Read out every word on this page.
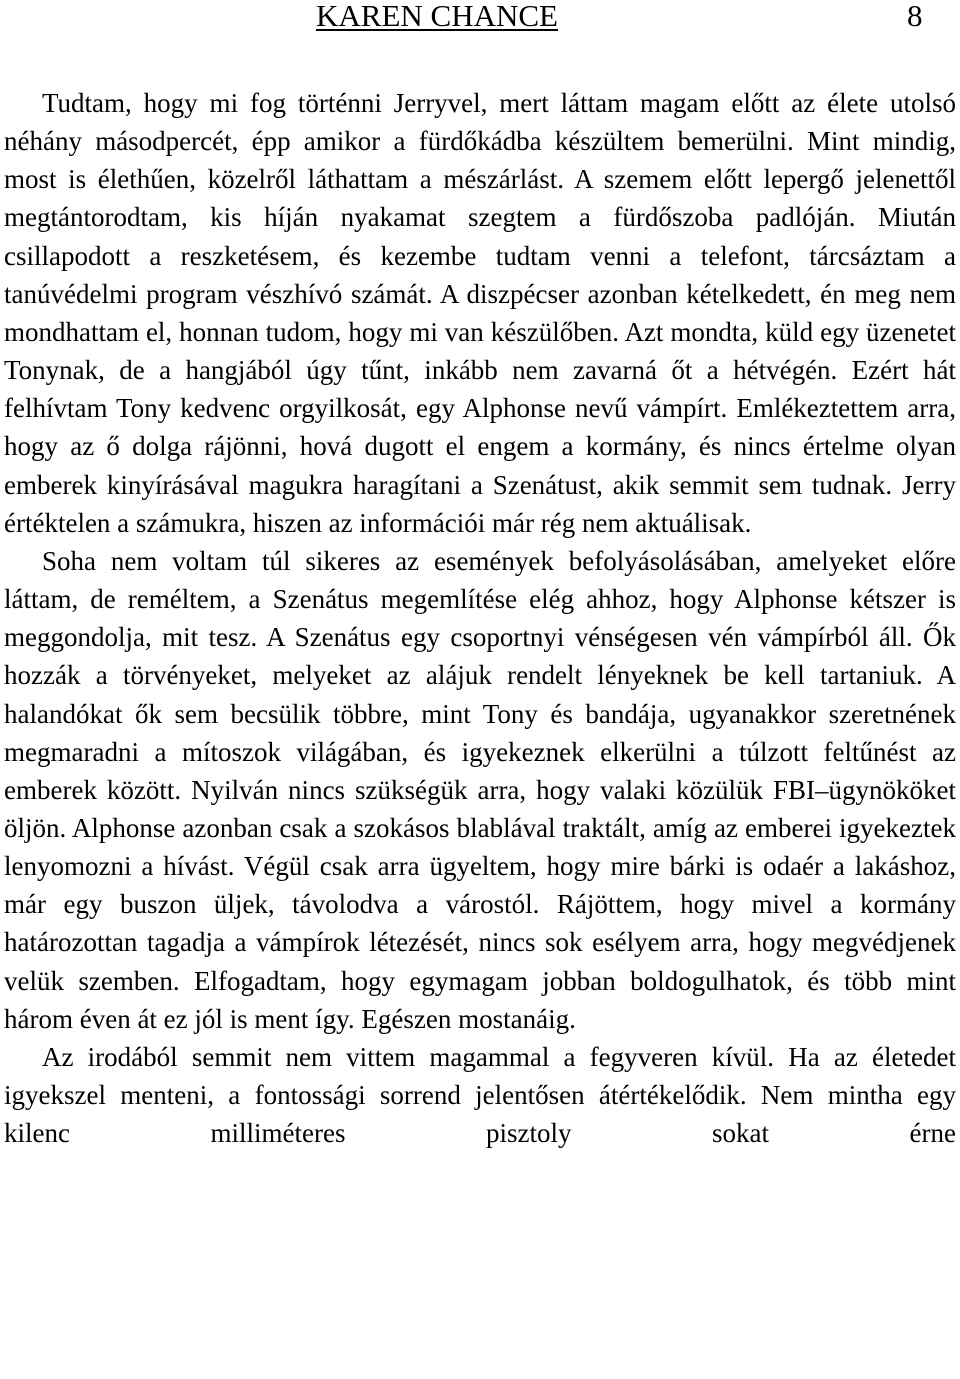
KAREN CHANCE	8

Tudtam, hogy mi fog történni Jerryvel, mert láttam magam előtt az élete utolsó néhány másodpercét, épp amikor a fürdőkádba készültem bemerülni. Mint mindig, most is élethűen, közelről láthattam a mészárlást. A szemem előtt lepergő jelenettől megtántorodtam, kis híján nyakamat szegtem a fürdőszoba padlóján. Miután csillapodott a reszketésem, és kezembe tudtam venni a telefont, tárcsáztam a tanúvédelmi program vészhívó számát. A diszpécser azonban kételkedett, én meg nem mondhattam el, honnan tudom, hogy mi van készülőben. Azt mondta, küld egy üzenetet Tonynak, de a hangjából úgy tűnt, inkább nem zavarná őt a hétvégén. Ezért hát felhívtam Tony kedvenc orgyilkosát, egy Alphonse nevű vámpírt. Emlékeztettem arra, hogy az ő dolga rájönni, hová dugott el engem a kormány, és nincs értelme olyan emberek kinyírásával magukra haragítani a Szenátust, akik semmit sem tudnak. Jerry értéktelen a számukra, hiszen az információi már rég nem aktuálisak.

Soha nem voltam túl sikeres az események befolyásolásában, amelyeket előre láttam, de reméltem, a Szenátus megemlítése elég ahhoz, hogy Alphonse kétszer is meggondolja, mit tesz. A Szenátus egy csoportnyi vénségesen vén vámpírból áll. Ők hozzák a törvényeket, melyeket az alájuk rendelt lényeknek be kell tartaniuk. A halandókat ők sem becsülik többre, mint Tony és bandája, ugyanakkor szeretnének megmaradni a mítoszok világában, és igyekeznek elkerülni a túlzott feltűnést az emberek között. Nyilván nincs szükségük arra, hogy valaki közülük FBI–ügynököket öljön. Alphonse azonban csak a szokásos blablával traktált, amíg az emberei igyekeztek lenyomozni a hívást. Végül csak arra ügyeltem, hogy mire bárki is odaér a lakáshoz, már egy buszon üljek, távolodva a várostól. Rájöttem, hogy mivel a kormány határozottan tagadja a vámpírok létezését, nincs sok esélyem arra, hogy megvédjenek velük szemben. Elfogadtam, hogy egymagam jobban boldogulhatok, és több mint három éven át ez jól is ment így. Egészen mostanáig.

Az irodából semmit nem vittem magammal a fegyveren kívül. Ha az életedet igyekszel menteni, a fontossági sorrend jelentősen átértékelődik. Nem mintha egy kilenc milliméteres pisztoly sokat érne
